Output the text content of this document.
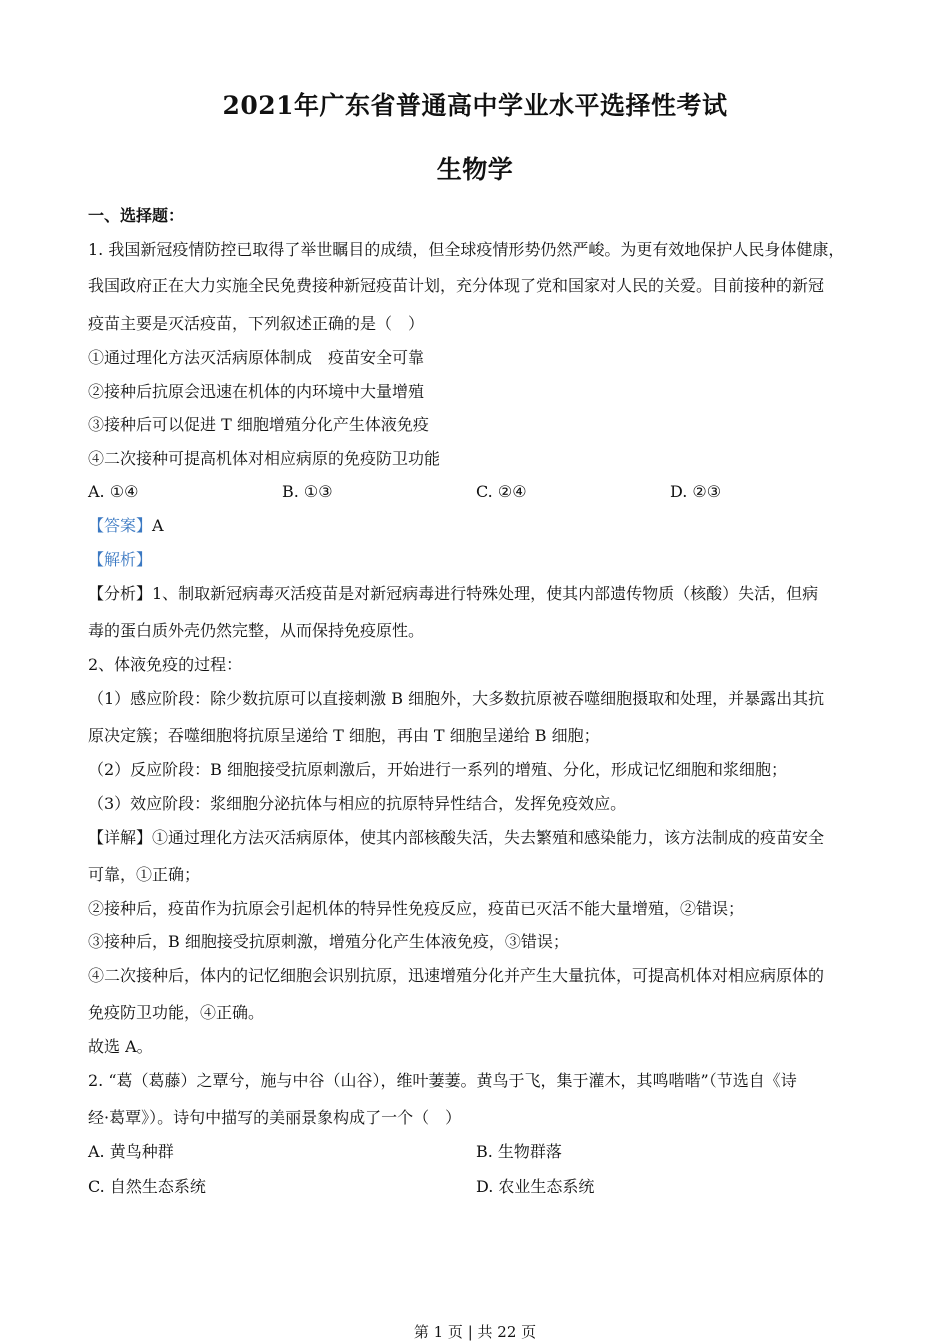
2021年广东省普通高中学业水平选择性考试
生物学
一、选择题：
1. 我国新冠疫情防控已取得了举世瞩目的成绩，但全球疫情形势仍然严峻。为更有效地保护人民身体健康，
我国政府正在大力实施全民免费接种新冠疫苗计划，充分体现了党和国家对人民的关爱。目前接种的新冠
疫苗主要是灭活疫苗，下列叙述正确的是（　）
①通过理化方法灭活病原体制成　疫苗安全可靠
②接种后抗原会迅速在机体的内环境中大量增殖
③接种后可以促进 T 细胞增殖分化产生体液免疫
④二次接种可提高机体对相应病原的免疫防卫功能
A. ①④	B. ①③	C. ②④	D. ②③
【答案】A
【解析】
【分析】1、制取新冠病毒灭活疫苗是对新冠病毒进行特殊处理，使其内部遗传物质（核酸）失活，但病
毒的蛋白质外壳仍然完整，从而保持免疫原性。
2、体液免疫的过程：
（1）感应阶段：除少数抗原可以直接刺激 B 细胞外，大多数抗原被吞噬细胞摄取和处理，并暴露出其抗
原决定簇；吞噬细胞将抗原呈递给 T 细胞，再由 T 细胞呈递给 B 细胞；
（2）反应阶段：B 细胞接受抗原刺激后，开始进行一系列的增殖、分化，形成记忆细胞和浆细胞；
（3）效应阶段：浆细胞分泌抗体与相应的抗原特异性结合，发挥免疫效应。
【详解】①通过理化方法灭活病原体，使其内部核酸失活，失去繁殖和感染能力，该方法制成的疫苗安全
可靠，①正确；
②接种后，疫苗作为抗原会引起机体的特异性免疫反应，疫苗已灭活不能大量增殖，②错误；
③接种后，B 细胞接受抗原刺激，增殖分化产生体液免疫，③错误；
④二次接种后，体内的记忆细胞会识别抗原，迅速增殖分化并产生大量抗体，可提高机体对相应病原体的
免疫防卫功能，④正确。
故选 A。
2. “葛（葛藤）之覃兮，施与中谷（山谷），维叶萋萋。黄鸟于飞，集于灌木，其鸣喈喈”（节选自《诗
经·葛覃》）。诗句中描写的美丽景象构成了一个（　）
A. 黄鸟种群	B. 生物群落
C. 自然生态系统	D. 农业生态系统
第 1 页 | 共 22 页
